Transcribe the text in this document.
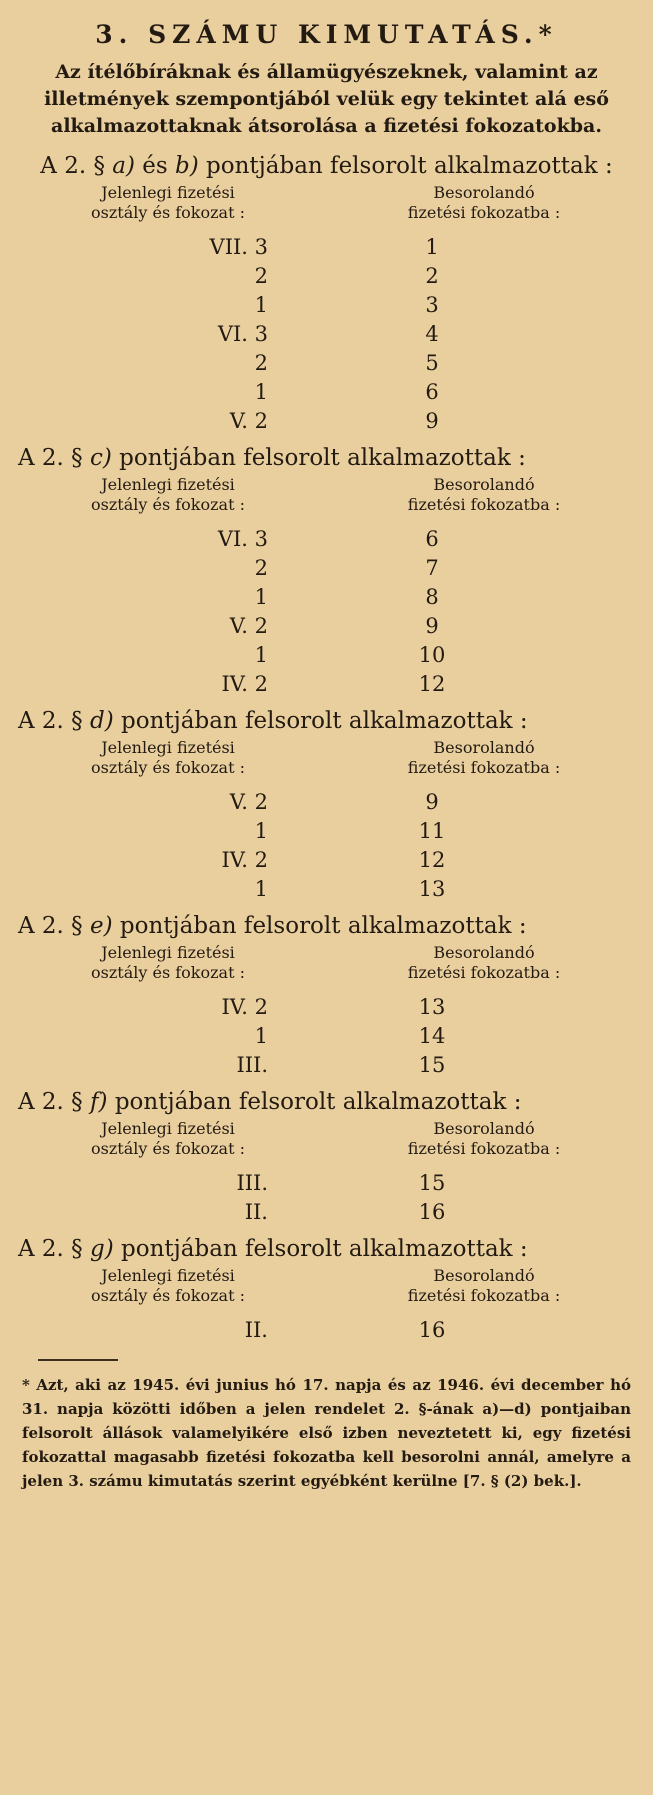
3. SZÁMU KIMUTATÁS.*
Az ítélőbíráknak és államügyészeknek, valamint az illetmények szempontjából velük egy tekintet alá eső alkalmazottaknak átsorolása a fizetési fokozatokba.
A 2. § a) és b) pontjában felsorolt alkalmazottak :
Jelenlegi fizetési
osztály és fokozat :
Besorolandó
fizetési fokozatba :
VII. 3	1
2	2
1	3
VI. 3	4
2	5
1	6
V. 2	9
A 2. § c) pontjában felsorolt alkalmazottak :
Jelenlegi fizetési
osztály és fokozat :
Besorolandó
fizetési fokozatba :
VI. 3	6
2	7
1	8
V. 2	9
1	10
IV. 2	12
A 2. § d) pontjában felsorolt alkalmazottak :
Jelenlegi fizetési
osztály és fokozat :
Besorolandó
fizetési fokozatba :
V. 2	9
1	11
IV. 2	12
1	13
A 2. § e) pontjában felsorolt alkalmazottak :
Jelenlegi fizetési
osztály és fokozat :
Besorolandó
fizetési fokozatba :
IV. 2	13
1	14
III.	15
A 2. § f) pontjában felsorolt alkalmazottak :
Jelenlegi fizetési
osztály és fokozat :
Besorolandó
fizetési fokozatba :
III.	15
II.	16
A 2. § g) pontjában felsorolt alkalmazottak :
Jelenlegi fizetési
osztály és fokozat :
Besorolandó
fizetési fokozatba :
II.	16
* Azt, aki az 1945. évi junius hó 17. napja és az 1946. évi december hó 31. napja közötti időben a jelen rendelet 2. §-ának a)—d) pontjaiban felsorolt állások valamelyikére első izben neveztetett ki, egy fizetési fokozattal magasabb fizetési fokozatba kell besorolni annál, amelyre a jelen 3. számu kimutatás szerint egyébként kerülne [7. § (2) bek.].
